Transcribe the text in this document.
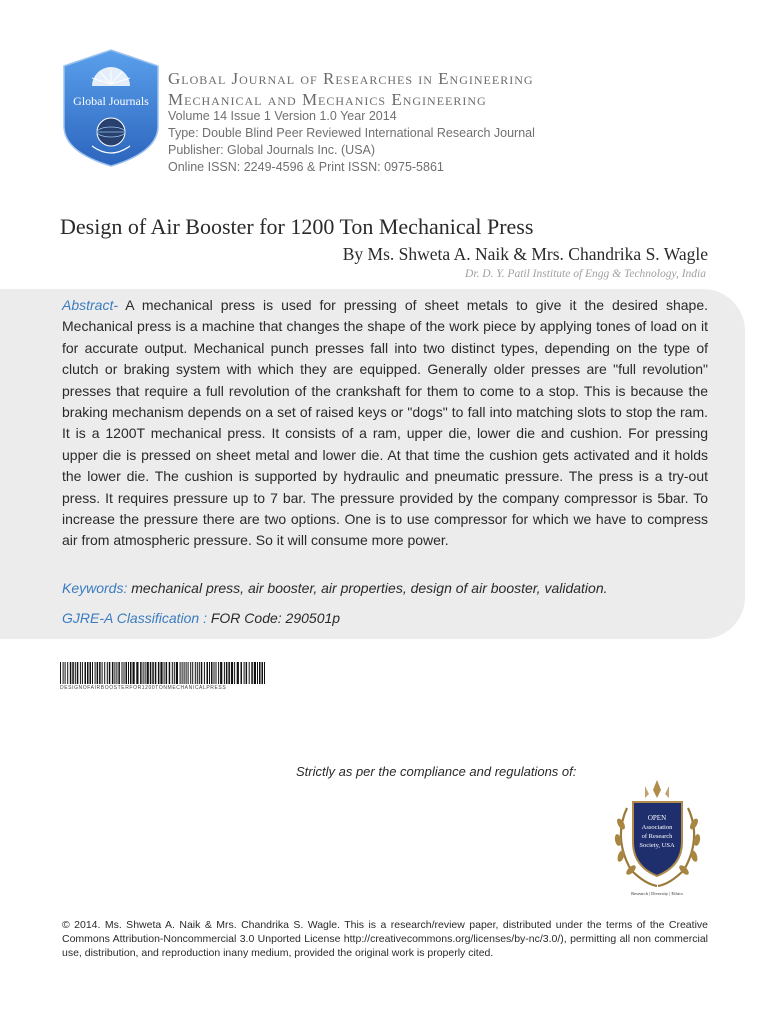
Global Journals
Global Journal of Researches in Engineering
Mechanical and Mechanics Engineering
Volume 14 Issue 1 Version 1.0 Year 2014
Type: Double Blind Peer Reviewed International Research Journal
Publisher: Global Journals Inc. (USA)
Online ISSN: 2249-4596 & Print ISSN: 0975-5861
Design of Air Booster for 1200 Ton Mechanical Press
By Ms. Shweta A. Naik & Mrs. Chandrika S. Wagle
Dr. D. Y. Patil Institute of Engg & Technology, India
Abstract- A mechanical press is used for pressing of sheet metals to give it the desired shape. Mechanical press is a machine that changes the shape of the work piece by applying tones of load on it for accurate output. Mechanical punch presses fall into two distinct types, depending on the type of clutch or braking system with which they are equipped. Generally older presses are "full revolution" presses that require a full revolution of the crankshaft for them to come to a stop. This is because the braking mechanism depends on a set of raised keys or "dogs" to fall into matching slots to stop the ram. It is a 1200T mechanical press. It consists of a ram, upper die, lower die and cushion. For pressing upper die is pressed on sheet metal and lower die. At that time the cushion gets activated and it holds the lower die. The cushion is supported by hydraulic and pneumatic pressure. The press is a try-out press. It requires pressure up to 7 bar. The pressure provided by the company compressor is 5bar. To increase the pressure there are two options. One is to use compressor for which we have to compress air from atmospheric pressure. So it will consume more power.
Keywords: mechanical press, air booster, air properties, design of air booster, validation.
GJRE-A Classification : FOR Code: 290501p
DESIGNOFAIRBOOSTERFOR1200TONMECHANICALPRESS
Strictly as per the compliance and regulations of:
OPEN
Association
of Research
Society, USA
Research | Diversity | Ethics
© 2014. Ms. Shweta A. Naik & Mrs. Chandrika S. Wagle. This is a research/review paper, distributed under the terms of the Creative Commons Attribution-Noncommercial 3.0 Unported License http://creativecommons.org/licenses/by-nc/3.0/), permitting all non commercial use, distribution, and reproduction inany medium, provided the original work is properly cited.
